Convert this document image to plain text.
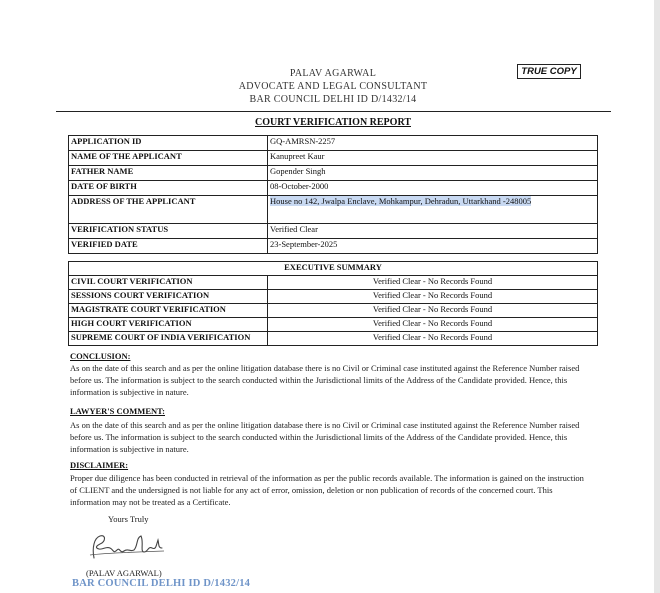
PALAV AGARWAL
ADVOCATE AND LEGAL CONSULTANT
BAR COUNCIL DELHI ID D/1432/14
TRUE COPY
COURT VERIFICATION REPORT
APPLICATION ID	GQ-AMRSN-2257
NAME OF THE APPLICANT	Kanupreet Kaur
FATHER NAME	Gopender Singh
DATE OF BIRTH	08-October-2000
ADDRESS OF THE APPLICANT	House no 142, Jwalpa Enclave, Mohkampur, Dehradun, Uttarkhand -248005
VERIFICATION STATUS	Verified Clear
VERIFIED DATE	23-September-2025
EXECUTIVE SUMMARY	
CIVIL COURT VERIFICATION	Verified Clear - No Records Found
SESSIONS COURT VERIFICATION	Verified Clear - No Records Found
MAGISTRATE COURT VERIFICATION	Verified Clear - No Records Found
HIGH COURT VERIFICATION	Verified Clear - No Records Found
SUPREME COURT OF INDIA VERIFICATION	Verified Clear - No Records Found
CONCLUSION:
As on the date of this search and as per the online litigation database there is no Civil or Criminal case instituted against the Reference Number raised before us. The information is subject to the search conducted within the Jurisdictional limits of the Address of the Candidate provided. Hence, this information is subjective in nature.
LAWYER'S COMMENT:
As on the date of this search and as per the online litigation database there is no Civil or Criminal case instituted against the Reference Number raised before us. The information is subject to the search conducted within the Jurisdictional limits of the Address of the Candidate provided. Hence, this information is subjective in nature.
DISCLAIMER:
Proper due diligence has been conducted in retrieval of the information as per the public records available. The information is gained on the instruction of CLIENT and the undersigned is not liable for any act of error, omission, deletion or non publication of records of the concerned court. This information may not be treated as a Certificate.
Yours Truly
(PALAV AGARWAL)
BAR COUNCIL DELHI ID D/1432/14
